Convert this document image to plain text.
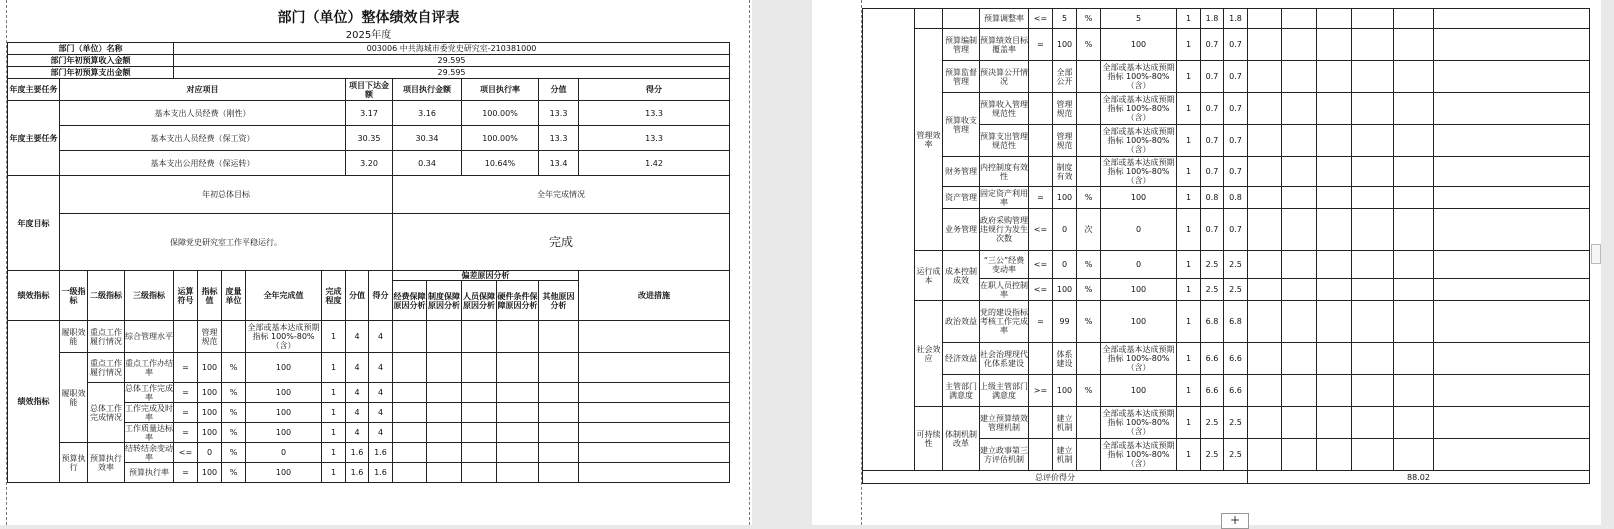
部门（单位）整体绩效自评表																
2025年度																
部门（单位）名称				003006 中共海城市委党史研究室-210381000												
部门年初预算收入金额				29.595												
部门年初预算支出金额				29.595												
年度主要任务	对应项目								项目下达金额		项目执行金额		项目执行率		分值	得分
年度主要任务	基本支出人员经费（刚性）								3.17		3.16		100.00%		13.3	13.3
	基本支出人员经费（保工资）								30.35		30.34		100.00%		13.3	13.3
	基本支出公用经费（保运转）								3.20		0.34		10.64%		13.4	1.42
年度目标	年初总体目标										全年完成情况					
	保障党史研究室工作平稳运行。										完成					
绩效指标	一级指标	二级指标	三级指标	运算符号	指标值	度量单位	全年完成值	完成程度	分值	得分	偏差原因分析					改进措施
											经费保障原因分析	制度保障原因分析	人员保障原因分析	硬件条件保障原因分析	其他原因分析	
绩效指标	履职效能	重点工作履行情况	综合管理水平		管理规范		全部或基本达成预期指标 100%-80%（含）	1	4	4						
	履职效能	重点工作履行情况	重点工作办结率	=	100	%	100	1	4	4						
		总体工作完成情况	总体工作完成率	=	100	%	100	1	4	4						
			工作完成及时率	=	100	%	100	1	4	4						
			工作质量达标率	=	100	%	100	1	4	4						
	预算执行	预算执行效率	结转结余变动率	<=	0	%	0	1	1.6	1.6						
			预算执行率	=	100	%	100	1	1.6	1.6						
			预算调整率	<=	5	%	5	1	1.8	1.8						
	管理效率	预算编制管理	预算绩效目标覆盖率	=	100	%	100	1	0.7	0.7						
		预算监督管理	预决算公开情况		全部公开		全部或基本达成预期指标 100%-80%（含）	1	0.7	0.7						
		预算收支管理	预算收入管理规范性		管理规范		全部或基本达成预期指标 100%-80%（含）	1	0.7	0.7						
			预算支出管理规范性		管理规范		全部或基本达成预期指标 100%-80%（含）	1	0.7	0.7						
		财务管理	内控制度有效性		制度有效		全部或基本达成预期指标 100%-80%（含）	1	0.7	0.7						
		资产管理	固定资产利用率	=	100	%	100	1	0.8	0.8						
		业务管理	政府采购管理违规行为发生次数	<=	0	次	0	1	0.7	0.7						
	运行成本	成本控制成效	“三公”经费变动率	<=	0	%	0	1	2.5	2.5						
			在职人员控制率	<=	100	%	100	1	2.5	2.5						
	社会效应	政治效益	党的建设指标考核工作完成率	=	99	%	100	1	6.8	6.8						
		经济效益	社会治理现代化体系建设		体系建设		全部或基本达成预期指标 100%-80%（含）	1	6.6	6.6						
		主管部门满意度	上级主管部门满意度	>=	100	%	100	1	6.6	6.6						
	可持续性	体制机制改革	建立预算绩效管理机制		建立机制		全部或基本达成预期指标 100%-80%（含）	1	2.5	2.5						
			建立政事第三方评估机制		建立机制		全部或基本达成预期指标 100%-80%（含）	1	2.5	2.5						
总评价得分											88.02					
+
